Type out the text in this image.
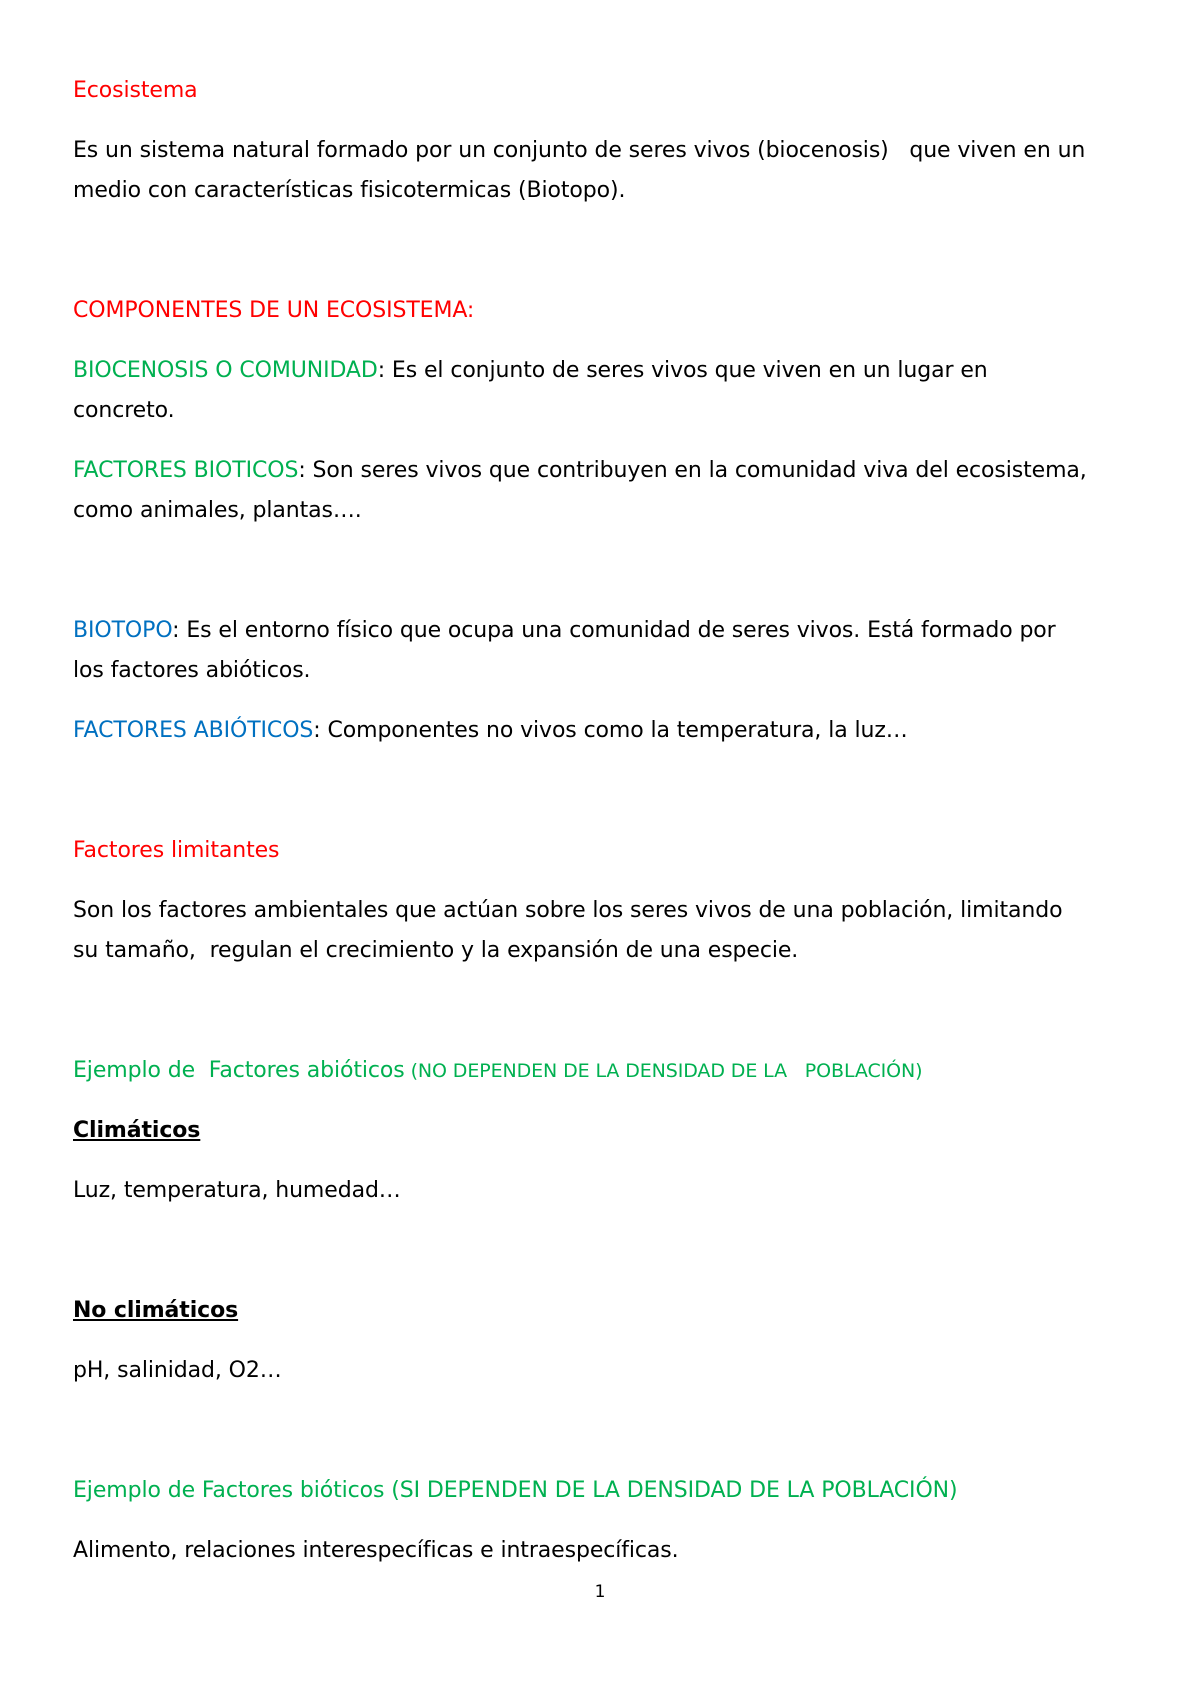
Ecosistema

Es un sistema natural formado por un conjunto de seres vivos (biocenosis)   que viven en un

medio con características fisicotermicas (Biotopo).

COMPONENTES DE UN ECOSISTEMA:

BIOCENOSIS O COMUNIDAD: Es el conjunto de seres vivos que viven en un lugar en

concreto.

FACTORES BIOTICOS: Son seres vivos que contribuyen en la comunidad viva del ecosistema,

como animales, plantas….

BIOTOPO: Es el entorno físico que ocupa una comunidad de seres vivos. Está formado por

los factores abióticos.

FACTORES ABIÓTICOS: Componentes no vivos como la temperatura, la luz…

Factores limitantes

Son los factores ambientales que actúan sobre los seres vivos de una población, limitando

su tamaño,  regulan el crecimiento y la expansión de una especie.

Ejemplo de  Factores abióticos (NO DEPENDEN DE LA DENSIDAD DE LA   POBLACIÓN)

Climáticos

Luz, temperatura, humedad…

No climáticos

pH, salinidad, O2…

Ejemplo de Factores bióticos (SI DEPENDEN DE LA DENSIDAD DE LA POBLACIÓN)

Alimento, relaciones interespecíficas e intraespecíficas.

1
